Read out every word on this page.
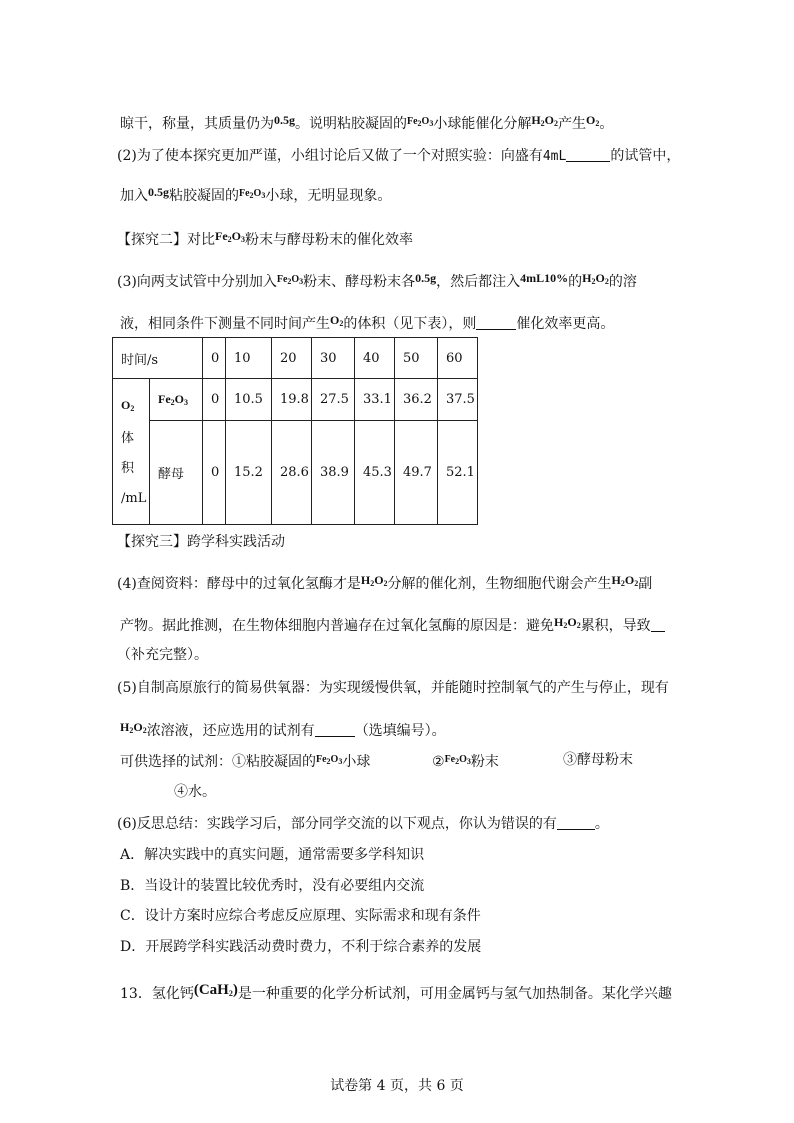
晾干，称量，其质量仍为0.5g。说明粘胶凝固的$^{Fe_2O_3}$小球能催化分解$H_2O_2$产生$O_2$。
(2)为了使本探究更加严谨，小组讨论后又做了一个对照实验：向盛有4mL	的试管中，
加入0.5g粘胶凝固的$^{Fe_2O_3}$小球，无明显现象。
【探究二】对比$Fe_2O_3$粉末与酵母粉末的催化效率
(3)向两支试管中分别加入$^{Fe_2O_3}$粉末、酵母粉末各0.5g，然后都注入4mL10%的$H_2O_2$的溶
液，相同条件下测量不同时间产生$O_2$的体积（见下表），则	催化效率更高。
时间/s		0	10	20	30	40	50	60

$O_2$
体
积
/mL	$Fe_2O_3$	0	10.5	19.8	27.5	33.1	36.2	37.5
	酵母	0	15.2	28.6	38.9	45.3	49.7	52.1
【探究三】跨学科实践活动
(4)查阅资料：酵母中的过氧化氢酶才是$H_2O_2$分解的催化剂，生物细胞代谢会产生$H_2O_2$副
产物。据此推测，在生物体细胞内普遍存在过氧化氢酶的原因是：避免$H_2O_2$累积，导致
（补充完整）。
(5)自制高原旅行的简易供氧器：为实现缓慢供氧，并能随时控制氧气的产生与停止，现有
$H_2O_2$浓溶液，还应选用的试剂有	（选填编号）。
可供选择的试剂：①粘胶凝固的$^{Fe_2O_3}$小球	②$^{Fe_2O_3}$粉末	③酵母粉末
④水。
(6)反思总结：实践学习后，部分同学交流的以下观点，你认为错误的有	。
A．解决实践中的真实问题，通常需要多学科知识
B．当设计的装置比较优秀时，没有必要组内交流
C．设计方案时应综合考虑反应原理、实际需求和现有条件
D．开展跨学科实践活动费时费力，不利于综合素养的发展
13．氢化钙(CaH$_2$)是一种重要的化学分析试剂，可用金属钙与氢气加热制备。某化学兴趣
试卷第 4 页，共 6 页
